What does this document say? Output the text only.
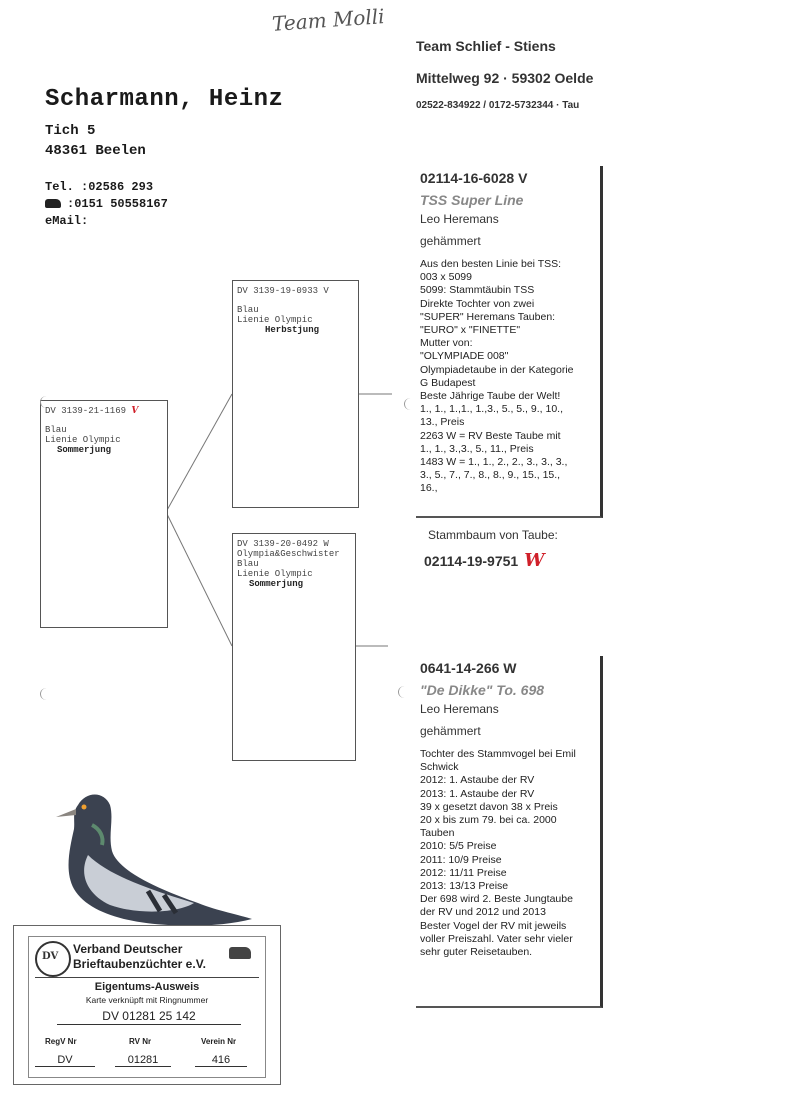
Team Molli
Scharmann, Heinz
Tich 5
48361 Beelen
Tel. :02586 293
:0151 50558167
eMail:
Team Schlief - Stiens
Mittelweg 92 · 59302 Oelde
02522-834922 / 0172-5732344 · Tau
DV 3139-21-1169 V
Blau
Lienie Olympic
Sommerjung
DV 3139-19-0933 V
Blau
Lienie Olympic
Herbstjung
DV 3139-20-0492 W
Olympia&Geschwister
Blau
Lienie Olympic
Sommerjung
02114-16-6028 V
TSS Super Line
Leo Heremans
gehämmert
Aus den besten Linie bei TSS:
003 x 5099
5099: Stammtäubin TSS
Direkte Tochter von zwei
"SUPER" Heremans Tauben:
"EURO" x "FINETTE"
Mutter von:
"OLYMPIADE 008"
Olympiadetaube in der Kategorie
G Budapest
Beste Jährige Taube der Welt!
1., 1., 1.,1., 1.,3., 5., 5., 9., 10.,
13., Preis
2263 W = RV Beste Taube mit
1., 1., 3.,3., 5., 11., Preis
1483 W = 1., 1., 2., 2., 3., 3., 3.,
3., 5., 7., 7., 8., 8., 9., 15., 15.,
16.,
Stammbaum von Taube:
02114-19-9751 W
0641-14-266 W
"De Dikke" To. 698
Leo Heremans
gehämmert
Tochter des Stammvogel bei Emil
Schwick
2012: 1. Astaube der RV
2013: 1. Astaube der RV
39 x gesetzt davon 38 x Preis
20 x bis zum 79. bei ca. 2000
Tauben
2010: 5/5 Preise
2011: 10/9 Preise
2012: 11/11 Preise
2013: 13/13 Preise
Der 698 wird 2. Beste Jungtaube
der RV und 2012 und 2013
Bester Vogel der RV mit jeweils
voller Preiszahl. Vater sehr vieler
sehr guter Reisetauben.
DV
Verband Deutscher
Brieftaubenzüchter e.V.
Eigentums-Ausweis
Karte verknüpft mit Ringnummer
DV 01281 25 142
RegV Nr	RV Nr	Verein Nr
DV	01281	416
